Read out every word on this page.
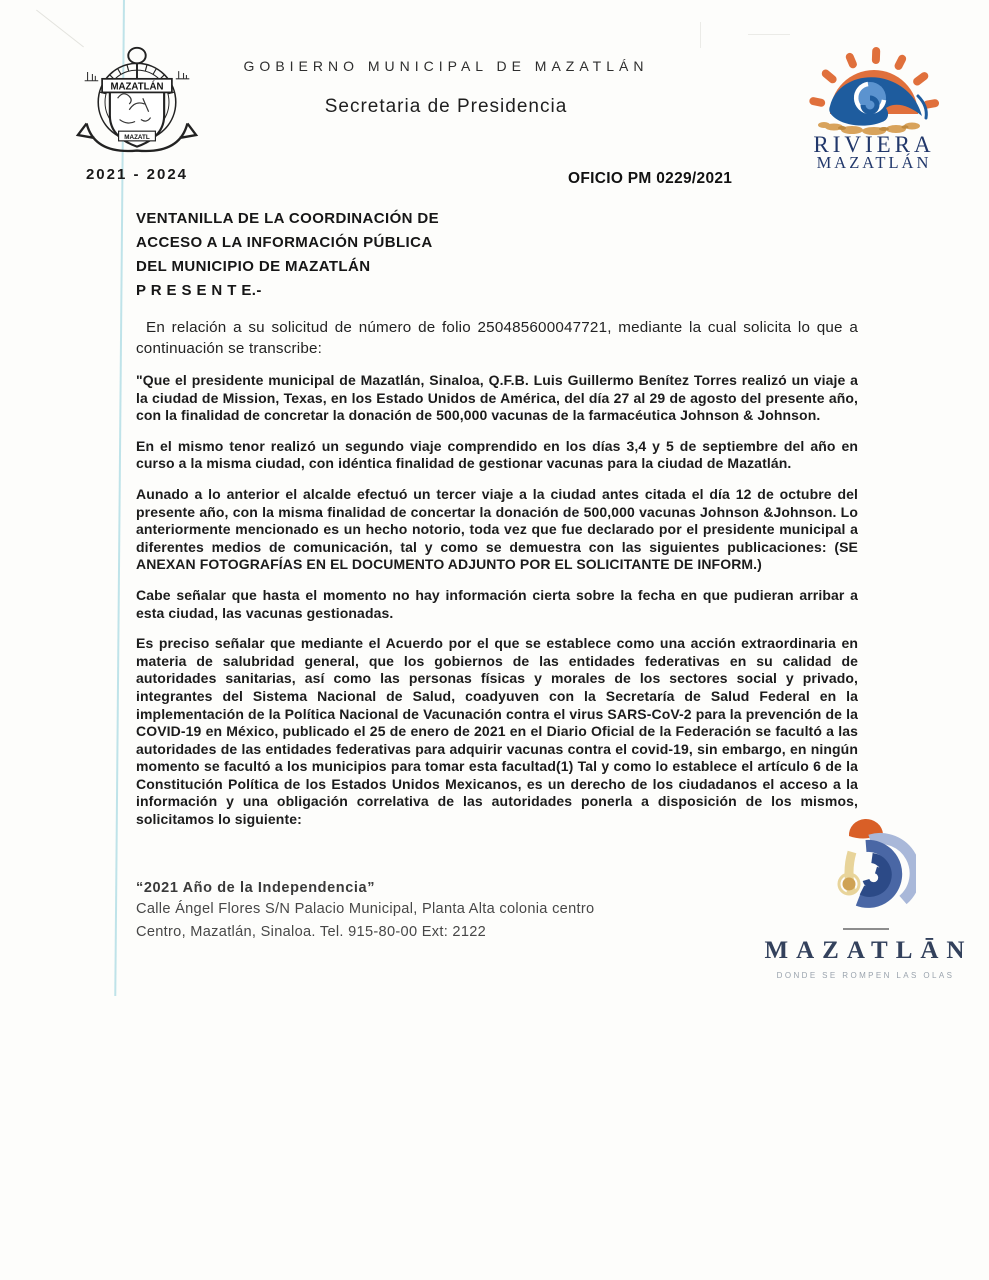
MAZATLÁN
MAZATL
2021 - 2024
GOBIERNO MUNICIPAL DE MAZATLÁN
Secretaria de Presidencia
RIVIERA
MAZATLÁN
OFICIO PM 0229/2021
VENTANILLA DE LA COORDINACIÓN DE
ACCESO A LA INFORMACIÓN PÚBLICA
DEL MUNICIPIO DE MAZATLÁN
P R E S E N T E.-

En relación a su solicitud de número de folio 250485600047721, mediante la cual solicita lo que a continuación se transcribe:

"Que el presidente municipal de Mazatlán, Sinaloa, Q.F.B. Luis Guillermo Benítez Torres realizó un viaje a la ciudad de Mission, Texas, en los Estado Unidos de América, del día 27 al 29 de agosto del presente año, con la finalidad de concretar la donación de 500,000 vacunas de la farmacéutica Johnson & Johnson.

En el mismo tenor realizó un segundo viaje comprendido en los días 3,4 y 5 de septiembre del año en curso a la misma ciudad, con idéntica finalidad de gestionar vacunas para la ciudad de Mazatlán.

Aunado a lo anterior el alcalde efectuó un tercer viaje a la ciudad antes citada el día 12 de octubre del presente año, con la misma finalidad de concertar la donación de 500,000 vacunas Johnson &Johnson. Lo anteriormente mencionado es un hecho notorio, toda vez que fue declarado por el presidente municipal a diferentes medios de comunicación, tal y como se demuestra con las siguientes publicaciones: (SE ANEXAN FOTOGRAFÍAS EN EL DOCUMENTO ADJUNTO POR EL SOLICITANTE DE INFORM.)

Cabe señalar que hasta el momento no hay información cierta sobre la fecha en que pudieran arribar a esta ciudad, las vacunas gestionadas.

Es preciso señalar que mediante el Acuerdo por el que se establece como una acción extraordinaria en materia de salubridad general, que los gobiernos de las entidades federativas en su calidad de autoridades sanitarias, así como las personas físicas y morales de los sectores social y privado, integrantes del Sistema Nacional de Salud, coadyuven con la Secretaría de Salud Federal en la implementación de la Política Nacional de Vacunación contra el virus SARS-CoV-2 para la prevención de la COVID-19 en México, publicado el 25 de enero de 2021 en el Diario Oficial de la Federación se facultó a las autoridades de las entidades federativas para adquirir vacunas contra el covid-19, sin embargo, en ningún momento se facultó a los municipios para tomar esta facultad(1) Tal y como lo establece el artículo 6 de la Constitución Política de los Estados Unidos Mexicanos, es un derecho de los ciudadanos el acceso a la información y una obligación correlativa de las autoridades ponerla a disposición de los mismos, solicitamos lo siguiente:

“2021 Año de la Independencia”
Calle Ángel Flores S/N Palacio Municipal, Planta Alta colonia centro
Centro, Mazatlán, Sinaloa. Tel. 915-80-00 Ext: 2122
MAZATLĀN
DONDE SE ROMPEN LAS OLAS
